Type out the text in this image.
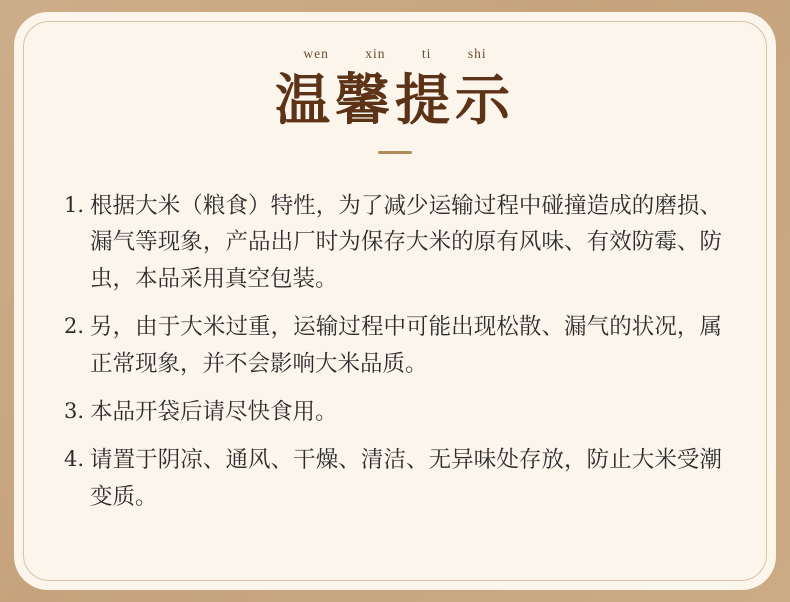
wen	xin	ti	shi
温馨提示
1. 根据大米（粮食）特性，为了减少运输过程中碰撞造成的磨损、漏气等现象，产品出厂时为保存大米的原有风味、有效防霉、防虫，本品采用真空包装。
2. 另，由于大米过重，运输过程中可能出现松散、漏气的状况，属正常现象，并不会影响大米品质。
3. 本品开袋后请尽快食用。
4. 请置于阴凉、通风、干燥、清洁、无异味处存放，防止大米受潮变质。
